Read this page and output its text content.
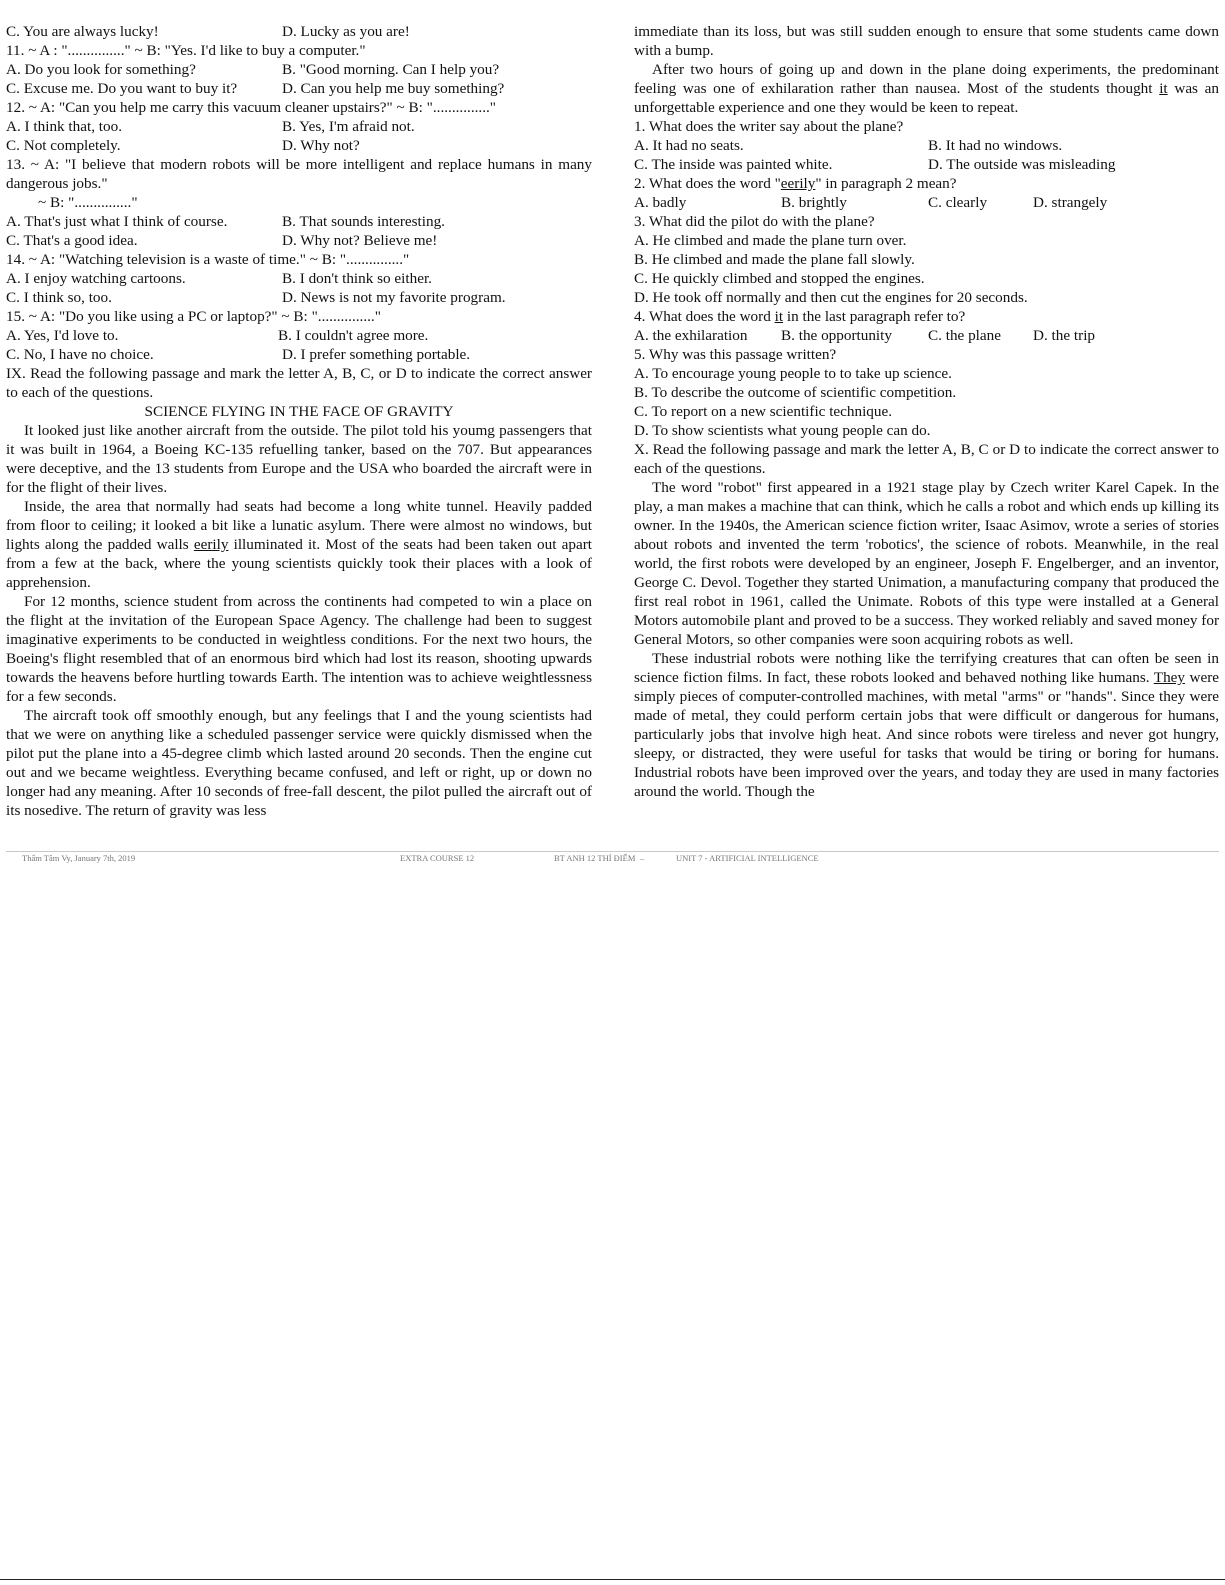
C. You are always lucky!	D. Lucky as you are!
11. ~ A : "..............." ~ B: "Yes. I'd like to buy a computer."
A. Do you look for something?	B. "Good morning. Can I help you?
C. Excuse me. Do you want to buy it?	D. Can you help me buy something?
12. ~ A: "Can you help me carry this vacuum cleaner upstairs?" ~ B: "..............."
A. I think that, too.	B. Yes, I'm afraid not.
C. Not completely.	D. Why not?
13. ~ A: "I believe that modern robots will be more intelligent and replace humans in many dangerous jobs."
~ B: "..............."
A. That's just what I think of course.	B. That sounds interesting.
C. That's a good idea.	D. Why not? Believe me!
14. ~ A: "Watching television is a waste of time." ~ B: "..............."
A. I enjoy watching cartoons.	B. I don't think so either.
C. I think so, too.	D. News is not my favorite program.
15. ~ A: "Do you like using a PC or laptop?" ~ B: "..............."
A. Yes, I'd love to.	B. I couldn't agree more.
C. No, I have no choice.	D. I prefer something portable.
IX. Read the following passage and mark the letter A, B, C, or D to indicate the correct answer to each of the questions.
SCIENCE FLYING IN THE FACE OF GRAVITY
It looked just like another aircraft from the outside. The pilot told his youmg passengers that it was built in 1964, a Boeing KC-135 refuelling tanker, based on the 707. But appearances were deceptive, and the 13 students from Europe and the USA who boarded the aircraft were in for the flight of their lives.
Inside, the area that normally had seats had become a long white tunnel. Heavily padded from floor to ceiling; it looked a bit like a lunatic asylum. There were almost no windows, but lights along the padded walls eerily illuminated it. Most of the seats had been taken out apart from a few at the back, where the young scientists quickly took their places with a look of apprehension.
For 12 months, science student from across the continents had competed to win a place on the flight at the invitation of the European Space Agency. The challenge had been to suggest imaginative experiments to be conducted in weightless conditions. For the next two hours, the Boeing's flight resembled that of an enormous bird which had lost its reason, shooting upwards towards the heavens before hurtling towards Earth. The intention was to achieve weightlessness for a few seconds.
The aircraft took off smoothly enough, but any feelings that I and the young scientists had that we were on anything like a scheduled passenger service were quickly dismissed when the pilot put the plane into a 45-degree climb which lasted around 20 seconds. Then the engine cut out and we became weightless. Everything became confused, and left or right, up or down no longer had any meaning. After 10 seconds of free-fall descent, the pilot pulled the aircraft out of its nosedive. The return of gravity was less
immediate than its loss, but was still sudden enough to ensure that some students came down with a bump.
After two hours of going up and down in the plane doing experiments, the predominant feeling was one of exhilaration rather than nausea. Most of the students thought it was an unforgettable experience and one they would be keen to repeat.
1. What does the writer say about the plane?
A. It had no seats.	B. It had no windows.
C. The inside was painted white.	D. The outside was misleading
2. What does the word "eerily" in paragraph 2 mean?
A. badly	B. brightly	C. clearly	D. strangely
3. What did the pilot do with the plane?
A. He climbed and made the plane turn over.
B. He climbed and made the plane fall slowly.
C. He quickly climbed and stopped the engines.
D. He took off normally and then cut the engines for 20 seconds.
4. What does the word it in the last paragraph refer to?
A. the exhilaration B. the opportunity C. the plane D. the trip
5. Why was this passage written?
A. To encourage young people to to take up science.
B. To describe the outcome of scientific competition.
C. To report on a new scientific technique.
D. To show scientists what young people can do.
X. Read the following passage and mark the letter A, B, C or D to indicate the correct answer to each of the questions.
The word "robot" first appeared in a 1921 stage play by Czech writer Karel Capek. In the play, a man makes a machine that can think, which he calls a robot and which ends up killing its owner. In the 1940s, the American science fiction writer, Isaac Asimov, wrote a series of stories about robots and invented the term 'robotics', the science of robots. Meanwhile, in the real world, the first robots were developed by an engineer, Joseph F. Engelberger, and an inventor, George C. Devol. Together they started Unimation, a manufacturing company that produced the first real robot in 1961, called the Unimate. Robots of this type were installed at a General Motors automobile plant and proved to be a success. They worked reliably and saved money for General Motors, so other companies were soon acquiring robots as well.
These industrial robots were nothing like the terrifying creatures that can often be seen in science fiction films. In fact, these robots looked and behaved nothing like humans. They were simply pieces of computer-controlled machines, with metal "arms" or "hands". Since they were made of metal, they could perform certain jobs that were difficult or dangerous for humans, particularly jobs that involve high heat. And since robots were tireless and never got hungry, sleepy, or distracted, they were useful for tasks that would be tiring or boring for humans. Industrial robots have been improved over the years, and today they are used in many factories around the world. Though the
Thẩm Tâm Vy, January 7th, 2019	EXTRA COURSE 12	BT ANH 12 THÍ ĐIỂM –	UNIT 7 - ARTIFICIAL INTELLIGENCE
